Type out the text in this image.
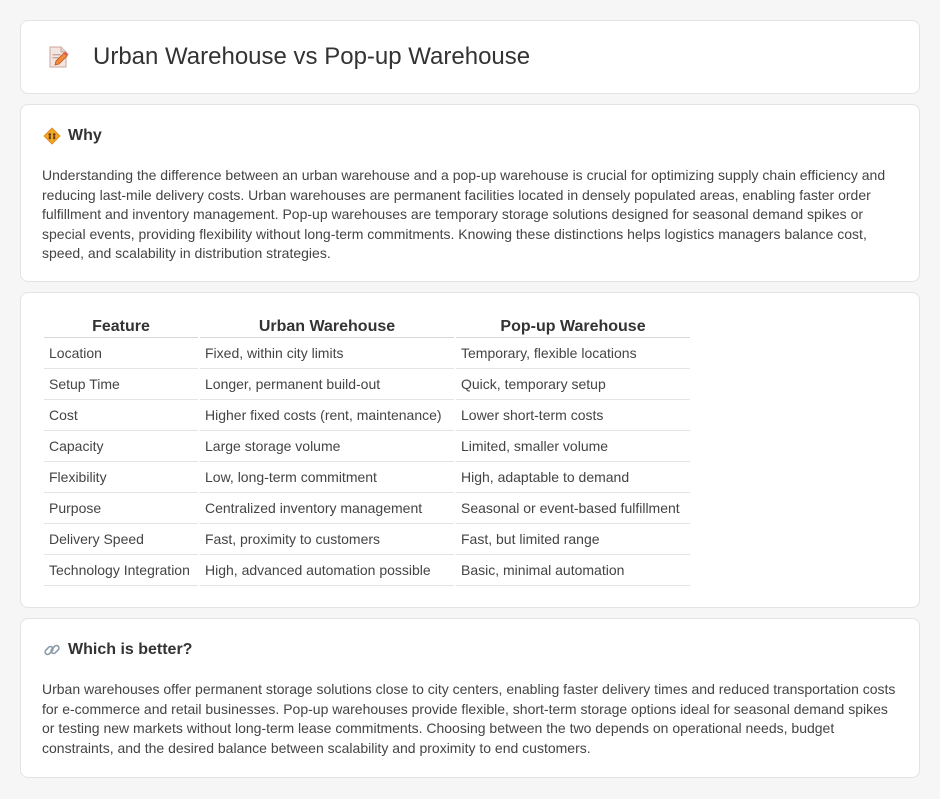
Urban Warehouse vs Pop-up Warehouse
Why

Understanding the difference between an urban warehouse and a pop-up warehouse is crucial for optimizing supply chain efficiency and reducing last-mile delivery costs. Urban warehouses are permanent facilities located in densely populated areas, enabling faster order fulfillment and inventory management. Pop-up warehouses are temporary storage solutions designed for seasonal demand spikes or special events, providing flexibility without long-term commitments. Knowing these distinctions helps logistics managers balance cost, speed, and scalability in distribution strategies.

Feature	Urban Warehouse	Pop-up Warehouse
Location	Fixed, within city limits	Temporary, flexible locations
Setup Time	Longer, permanent build-out	Quick, temporary setup
Cost	Higher fixed costs (rent, maintenance)	Lower short-term costs
Capacity	Large storage volume	Limited, smaller volume
Flexibility	Low, long-term commitment	High, adaptable to demand
Purpose	Centralized inventory management	Seasonal or event-based fulfillment
Delivery Speed	Fast, proximity to customers	Fast, but limited range
Technology Integration	High, advanced automation possible	Basic, minimal automation
Which is better?

Urban warehouses offer permanent storage solutions close to city centers, enabling faster delivery times and reduced transportation costs for e-commerce and retail businesses. Pop-up warehouses provide flexible, short-term storage options ideal for seasonal demand spikes or testing new markets without long-term lease commitments. Choosing between the two depends on operational needs, budget constraints, and the desired balance between scalability and proximity to end customers.
